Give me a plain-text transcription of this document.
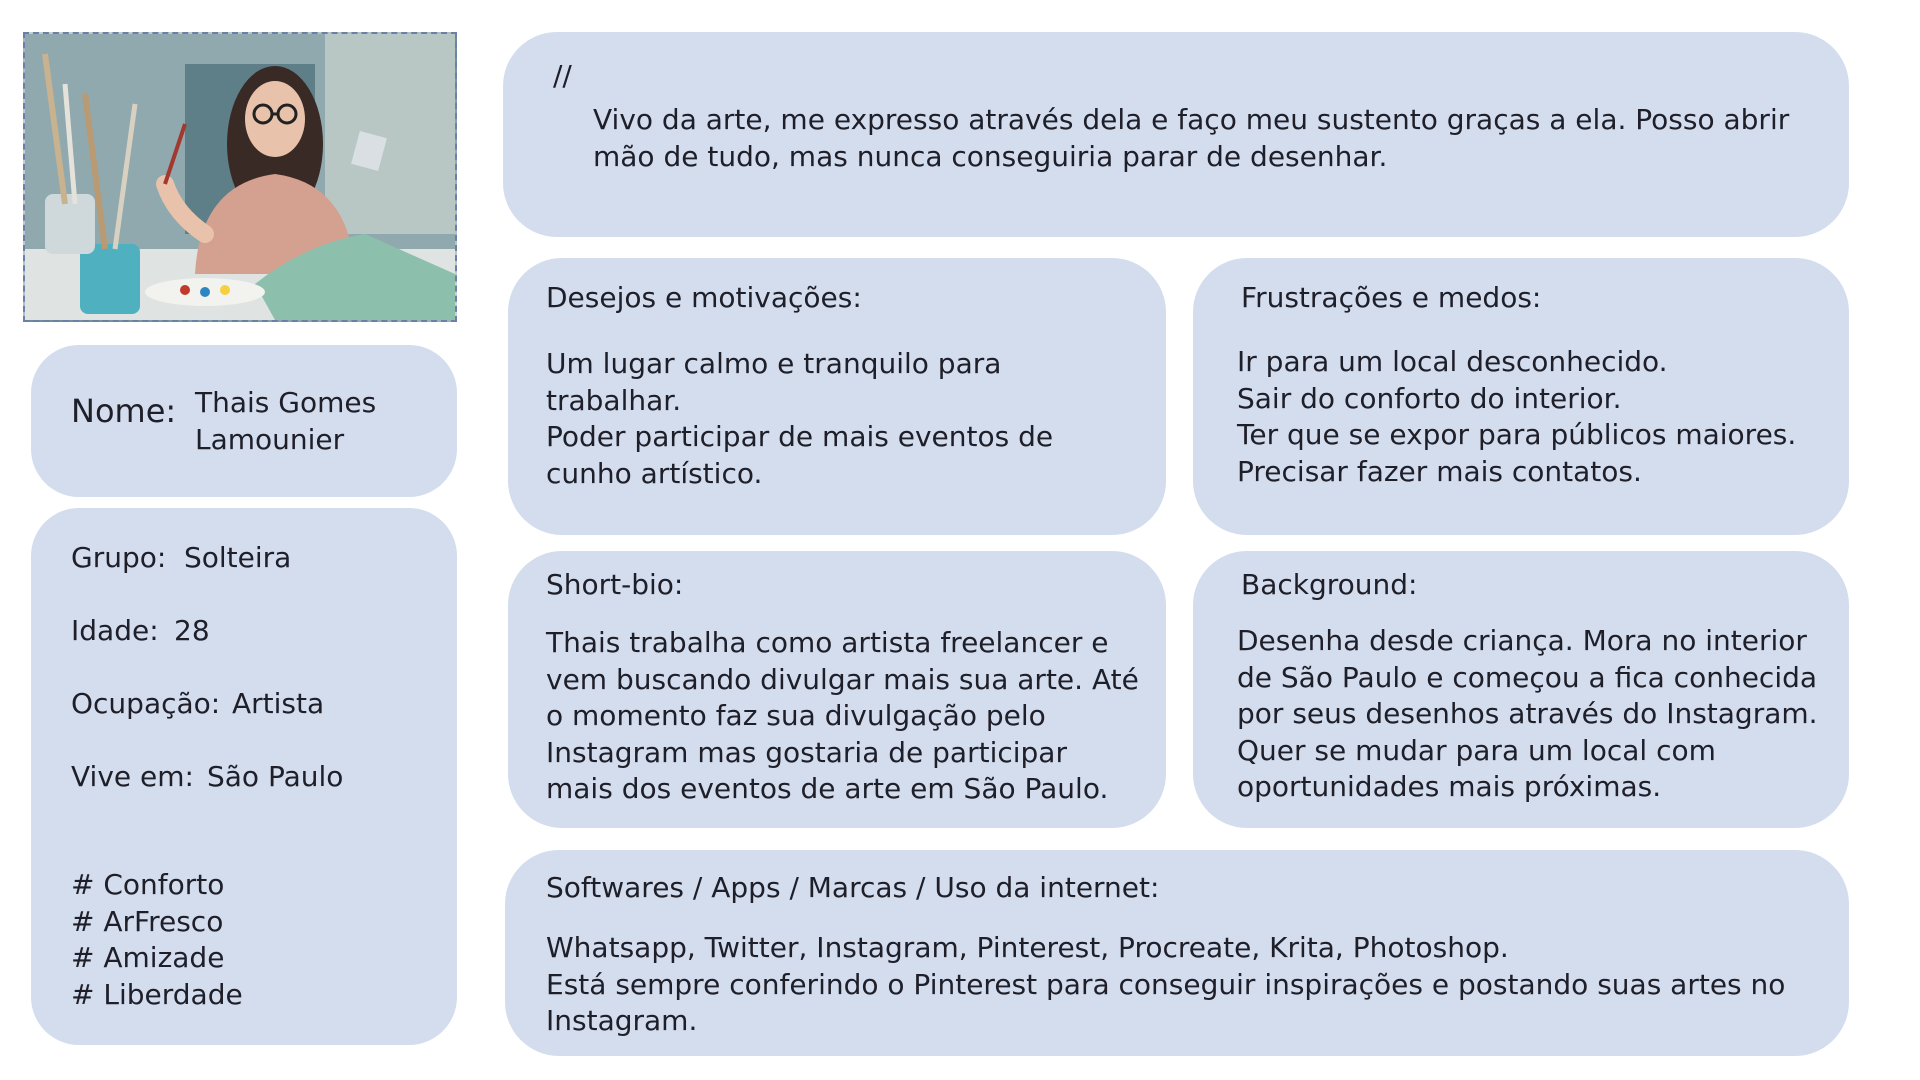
//

Vivo da arte, me expresso através dela e faço meu sustento graças a ela. Posso abrir
mão de tudo, mas nunca conseguiria parar de desenhar.

Nome: Thais Gomes
Lamounier

Grupo: Solteira
Idade: 28
Ocupação: Artista
Vive em: São Paulo

# Conforto
# ArFresco
# Amizade
# Liberdade

Desejos e motivações:

Um lugar calmo e tranquilo para
trabalhar.
Poder participar de mais eventos de
cunho artístico.

Frustrações e medos:

Ir para um local desconhecido.
Sair do conforto do interior.
Ter que se expor para públicos maiores.
Precisar fazer mais contatos.

Short-bio:

Thais trabalha como artista freelancer e
vem buscando divulgar mais sua arte. Até
o momento faz sua divulgação pelo
Instagram mas gostaria de participar
mais dos eventos de arte em São Paulo.

Background:

Desenha desde criança. Mora no interior
de São Paulo e começou a fica conhecida
por seus desenhos através do Instagram.
Quer se mudar para um local com
oportunidades mais próximas.

Softwares / Apps / Marcas / Uso da internet:

Whatsapp, Twitter, Instagram, Pinterest, Procreate, Krita, Photoshop.
Está sempre conferindo o Pinterest para conseguir inspirações e postando suas artes no
Instagram.
